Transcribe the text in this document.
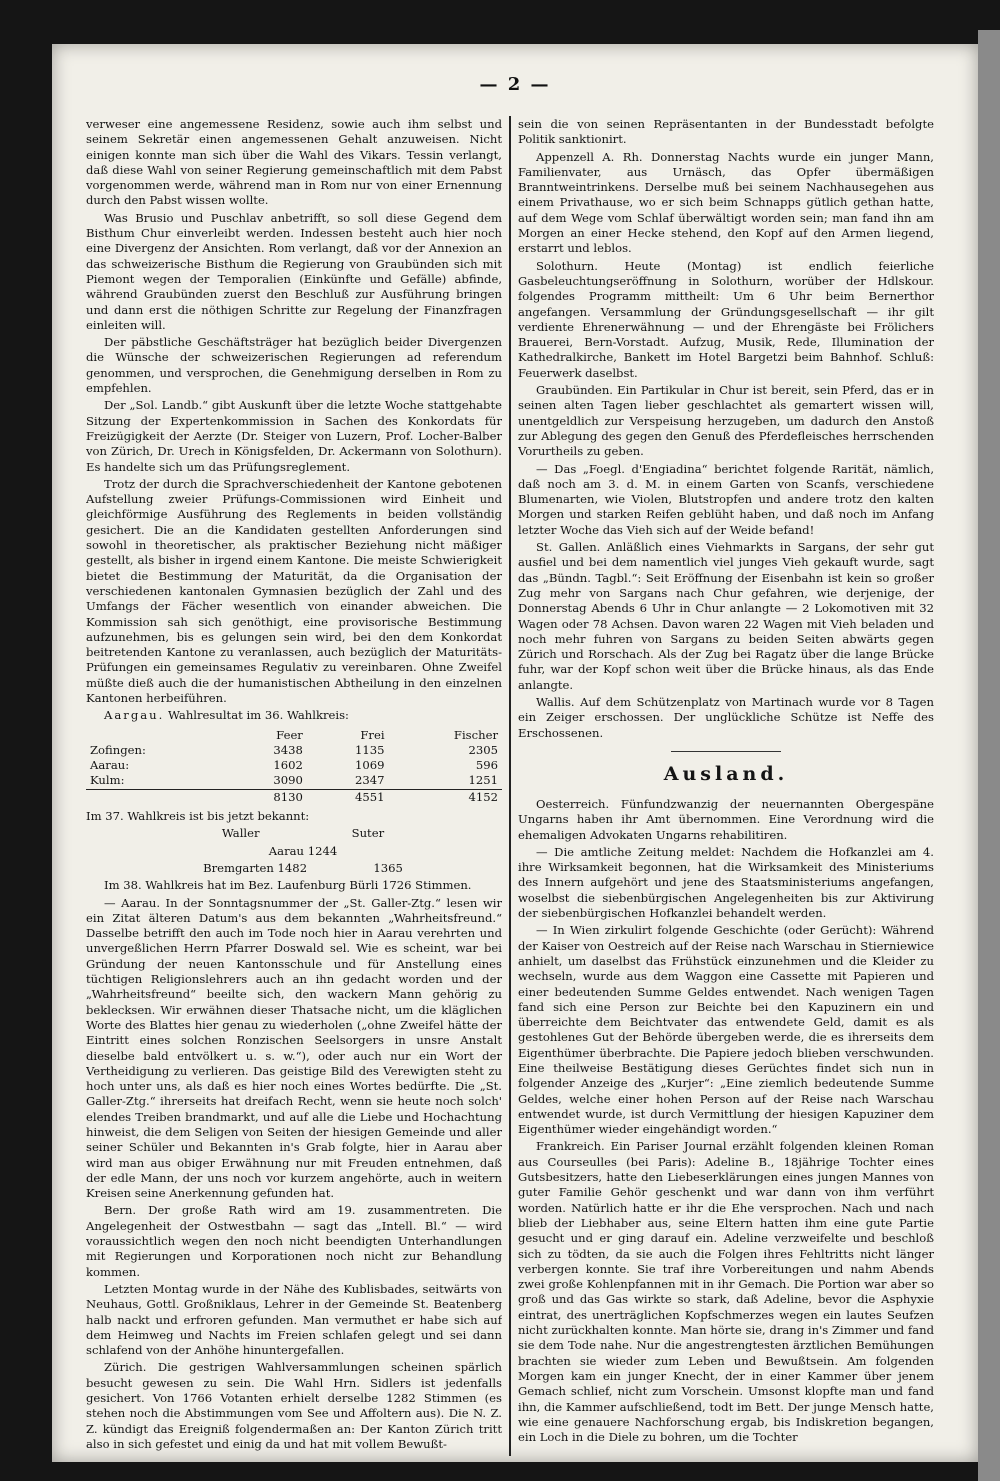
— 2 —

verweser eine angemessene Residenz, sowie auch ihm selbst und seinem Sekretär einen angemessenen Gehalt anzuweisen. Nicht einigen konnte man sich über die Wahl des Vikars. Tessin verlangt, daß diese Wahl von seiner Regierung gemeinschaftlich mit dem Pabst vorgenommen werde, während man in Rom nur von einer Ernennung durch den Pabst wissen wollte.

Was Brusio und Puschlav anbetrifft, so soll diese Gegend dem Bisthum Chur einverleibt werden. Indessen besteht auch hier noch eine Divergenz der Ansichten. Rom verlangt, daß vor der Annexion an das schweizerische Bisthum die Regierung von Graubünden sich mit Piemont wegen der Temporalien (Einkünfte und Gefälle) abfinde, während Graubünden zuerst den Beschluß zur Ausführung bringen und dann erst die nöthigen Schritte zur Regelung der Finanzfragen einleiten will.

Der päbstliche Geschäftsträger hat bezüglich beider Divergenzen die Wünsche der schweizerischen Regierungen ad referendum genommen, und versprochen, die Genehmigung derselben in Rom zu empfehlen.

Der „Sol. Landb.“ gibt Auskunft über die letzte Woche stattgehabte Sitzung der Expertenkommission in Sachen des Konkordats für Freizügigkeit der Aerzte (Dr. Steiger von Luzern, Prof. Locher-Balber von Zürich, Dr. Urech in Königsfelden, Dr. Ackermann von Solothurn). Es handelte sich um das Prüfungsreglement.

Trotz der durch die Sprachverschiedenheit der Kantone gebotenen Aufstellung zweier Prüfungs-Commissionen wird Einheit und gleichförmige Ausführung des Reglements in beiden vollständig gesichert. Die an die Kandidaten gestellten Anforderungen sind sowohl in theoretischer, als praktischer Beziehung nicht mäßiger gestellt, als bisher in irgend einem Kantone. Die meiste Schwierigkeit bietet die Bestimmung der Maturität, da die Organisation der verschiedenen kantonalen Gymnasien bezüglich der Zahl und des Umfangs der Fächer wesentlich von einander abweichen. Die Kommission sah sich genöthigt, eine provisorische Bestimmung aufzunehmen, bis es gelungen sein wird, bei den dem Konkordat beitretenden Kantone zu veranlassen, auch bezüglich der Maturitäts-Prüfungen ein gemeinsames Regulativ zu vereinbaren. Ohne Zweifel müßte dieß auch die der humanistischen Abtheilung in den einzelnen Kantonen herbeiführen.

Aargau. Wahlresultat im 36. Wahlkreis:

	Feer	Frei	Fischer
Zofingen:	3438	1135	2305
Aarau:	1602	1069	596
Kulm:	3090	2347	1251
	8130	4551	4152

Im 37. Wahlkreis ist bis jetzt bekannt:

Waller                         Suter

Aarau 1244

Bremgarten 1482                  1365

Im 38. Wahlkreis hat im Bez. Laufenburg Bürli 1726 Stimmen.

— Aarau. In der Sonntagsnummer der „St. Galler-Ztg.“ lesen wir ein Zitat älteren Datum's aus dem bekannten „Wahrheitsfreund.“ Dasselbe betrifft den auch im Tode noch hier in Aarau verehrten und unvergeßlichen Herrn Pfarrer Doswald sel. Wie es scheint, war bei Gründung der neuen Kantonsschule und für Anstellung eines tüchtigen Religionslehrers auch an ihn gedacht worden und der „Wahrheitsfreund“ beeilte sich, den wackern Mann gehörig zu beklecksen. Wir erwähnen dieser Thatsache nicht, um die kläglichen Worte des Blattes hier genau zu wiederholen („ohne Zweifel hätte der Eintritt eines solchen Ronzischen Seelsorgers in unsre Anstalt dieselbe bald entvölkert u. s. w.“), oder auch nur ein Wort der Vertheidigung zu verlieren. Das geistige Bild des Verewigten steht zu hoch unter uns, als daß es hier noch eines Wortes bedürfte. Die „St. Galler-Ztg.“ ihrerseits hat dreifach Recht, wenn sie heute noch solch' elendes Treiben brandmarkt, und auf alle die Liebe und Hochachtung hinweist, die dem Seligen von Seiten der hiesigen Gemeinde und aller seiner Schüler und Bekannten in's Grab folgte, hier in Aarau aber wird man aus obiger Erwähnung nur mit Freuden entnehmen, daß der edle Mann, der uns noch vor kurzem angehörte, auch in weitern Kreisen seine Anerkennung gefunden hat.

Bern. Der große Rath wird am 19. zusammentreten. Die Angelegenheit der Ostwestbahn — sagt das „Intell. Bl.“ — wird voraussichtlich wegen den noch nicht beendigten Unterhandlungen mit Regierungen und Korporationen noch nicht zur Behandlung kommen.

Letzten Montag wurde in der Nähe des Kublisbades, seitwärts von Neuhaus, Gottl. Großniklaus, Lehrer in der Gemeinde St. Beatenberg halb nackt und erfroren gefunden. Man vermuthet er habe sich auf dem Heimweg und Nachts im Freien schlafen gelegt und sei dann schlafend von der Anhöhe hinuntergefallen.

Zürich. Die gestrigen Wahlversammlungen scheinen spärlich besucht gewesen zu sein. Die Wahl Hrn. Sidlers ist jedenfalls gesichert. Von 1766 Votanten erhielt derselbe 1282 Stimmen (es stehen noch die Abstimmungen vom See und Affoltern aus). Die N. Z. Z. kündigt das Ereigniß folgendermaßen an: Der Kanton Zürich tritt also in sich gefestet und einig da und hat mit vollem Bewußt-

sein die von seinen Repräsentanten in der Bundesstadt befolgte Politik sanktionirt.

Appenzell A. Rh. Donnerstag Nachts wurde ein junger Mann, Familienvater, aus Urnäsch, das Opfer übermäßigen Branntweintrinkens. Derselbe muß bei seinem Nachhausegehen aus einem Privathause, wo er sich beim Schnapps gütlich gethan hatte, auf dem Wege vom Schlaf überwältigt worden sein; man fand ihn am Morgen an einer Hecke stehend, den Kopf auf den Armen liegend, erstarrt und leblos.

Solothurn. Heute (Montag) ist endlich feierliche Gasbeleuchtungseröffnung in Solothurn, worüber der Hdlskour. folgendes Programm mittheilt: Um 6 Uhr beim Bernerthor angefangen. Versammlung der Gründungsgesellschaft — ihr gilt verdiente Ehrenerwähnung — und der Ehrengäste bei Frölichers Brauerei, Bern-Vorstadt. Aufzug, Musik, Rede, Illumination der Kathedralkirche, Bankett im Hotel Bargetzi beim Bahnhof. Schluß: Feuerwerk daselbst.

Graubünden. Ein Partikular in Chur ist bereit, sein Pferd, das er in seinen alten Tagen lieber geschlachtet als gemartert wissen will, unentgeldlich zur Verspeisung herzugeben, um dadurch den Anstoß zur Ablegung des gegen den Genuß des Pferdefleisches herrschenden Vorurtheils zu geben.

— Das „Foegl. d'Engiadina“ berichtet folgende Rarität, nämlich, daß noch am 3. d. M. in einem Garten von Scanfs, verschiedene Blumenarten, wie Violen, Blutstropfen und andere trotz den kalten Morgen und starken Reifen geblüht haben, und daß noch im Anfang letzter Woche das Vieh sich auf der Weide befand!

St. Gallen. Anläßlich eines Viehmarkts in Sargans, der sehr gut ausfiel und bei dem namentlich viel junges Vieh gekauft wurde, sagt das „Bündn. Tagbl.“: Seit Eröffnung der Eisenbahn ist kein so großer Zug mehr von Sargans nach Chur gefahren, wie derjenige, der Donnerstag Abends 6 Uhr in Chur anlangte — 2 Lokomotiven mit 32 Wagen oder 78 Achsen. Davon waren 22 Wagen mit Vieh beladen und noch mehr fuhren von Sargans zu beiden Seiten abwärts gegen Zürich und Rorschach. Als der Zug bei Ragatz über die lange Brücke fuhr, war der Kopf schon weit über die Brücke hinaus, als das Ende anlangte.

Wallis. Auf dem Schützenplatz von Martinach wurde vor 8 Tagen ein Zeiger erschossen. Der unglückliche Schütze ist Neffe des Erschossenen.

Ausland.

Oesterreich. Fünfundzwanzig der neuernannten Obergespäne Ungarns haben ihr Amt übernommen. Eine Verordnung wird die ehemaligen Advokaten Ungarns rehabilitiren.

— Die amtliche Zeitung meldet: Nachdem die Hofkanzlei am 4. ihre Wirksamkeit begonnen, hat die Wirksamkeit des Ministeriums des Innern aufgehört und jene des Staatsministeriums angefangen, woselbst die siebenbürgischen Angelegenheiten bis zur Aktivirung der siebenbürgischen Hofkanzlei behandelt werden.

— In Wien zirkulirt folgende Geschichte (oder Gerücht): Während der Kaiser von Oestreich auf der Reise nach Warschau in Stierniewice anhielt, um daselbst das Frühstück einzunehmen und die Kleider zu wechseln, wurde aus dem Waggon eine Cassette mit Papieren und einer bedeutenden Summe Geldes entwendet. Nach wenigen Tagen fand sich eine Person zur Beichte bei den Kapuzinern ein und überreichte dem Beichtvater das entwendete Geld, damit es als gestohlenes Gut der Behörde übergeben werde, die es ihrerseits dem Eigenthümer überbrachte. Die Papiere jedoch blieben verschwunden. Eine theilweise Bestätigung dieses Gerüchtes findet sich nun in folgender Anzeige des „Kurjer“: „Eine ziemlich bedeutende Summe Geldes, welche einer hohen Person auf der Reise nach Warschau entwendet wurde, ist durch Vermittlung der hiesigen Kapuziner dem Eigenthümer wieder eingehändigt worden.“

Frankreich. Ein Pariser Journal erzählt folgenden kleinen Roman aus Courseulles (bei Paris): Adeline B., 18jährige Tochter eines Gutsbesitzers, hatte den Liebeserklärungen eines jungen Mannes von guter Familie Gehör geschenkt und war dann von ihm verführt worden. Natürlich hatte er ihr die Ehe versprochen. Nach und nach blieb der Liebhaber aus, seine Eltern hatten ihm eine gute Partie gesucht und er ging darauf ein. Adeline verzweifelte und beschloß sich zu tödten, da sie auch die Folgen ihres Fehltritts nicht länger verbergen konnte. Sie traf ihre Vorbereitungen und nahm Abends zwei große Kohlenpfannen mit in ihr Gemach. Die Portion war aber so groß und das Gas wirkte so stark, daß Adeline, bevor die Asphyxie eintrat, des unerträglichen Kopfschmerzes wegen ein lautes Seufzen nicht zurückhalten konnte. Man hörte sie, drang in's Zimmer und fand sie dem Tode nahe. Nur die angestrengtesten ärztlichen Bemühungen brachten sie wieder zum Leben und Bewußtsein. Am folgenden Morgen kam ein junger Knecht, der in einer Kammer über jenem Gemach schlief, nicht zum Vorschein. Umsonst klopfte man und fand ihn, die Kammer aufschließend, todt im Bett. Der junge Mensch hatte, wie eine genauere Nachforschung ergab, bis Indiskretion begangen, ein Loch in die Diele zu bohren, um die Tochter
